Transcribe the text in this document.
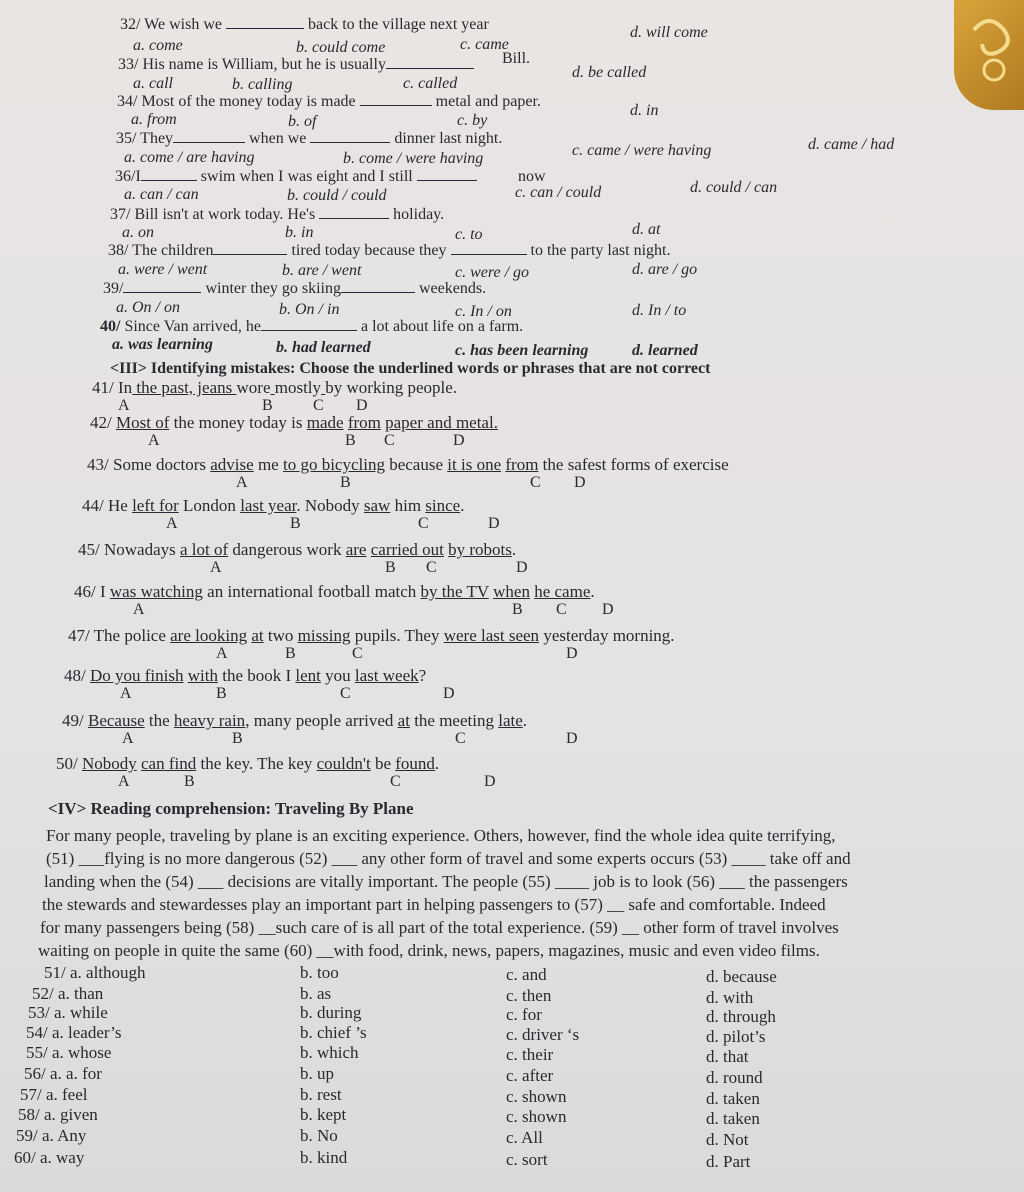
32/ We wish we	back to the village next year
a. come	b. could come	c. came
d. will come
33/ His name is William, but he is usually	Bill.
a. call	b. calling	c. called
d. be called
34/ Most of the money today is made	metal and paper.
a. from	b. of	c. by
d. in
35/ They	when we	dinner last night.
a. come / are having	b. come / were having	c. came / were having	d. came / had
36/I	swim when I was eight and I still	now
a. can / can	b. could / could	c. can / could	d. could / can
37/ Bill isn't at work today. He's	holiday.
a. on	b. in	c. to	d. at
38/ The children	tired today because they	to the party last night.
a. were / went	b. are / went	c. were / go	d. are / go
39/	winter they go skiing	weekends.
a. On / on	b. On / in	c. In / on	d. In / to
40/ Since Van arrived, he	a lot about life on a farm.
a. was learning	b. had learned	c. has been learning	d. learned
<III> Identifying mistakes: Choose the underlined words or phrases that are not correct
41/ In the past, jeans wore mostly by working people.
A	B	C D
42/ Most of the money today is made from paper and metal.
A	B C	D
43/ Some doctors advise me to go bicycling because it is one from the safest forms of exercise
A	B	C D
44/ He left for London last year. Nobody saw him since.
A	B	C	D
45/ Nowadays a lot of dangerous work are carried out by robots.
A	B C	D
46/ I was watching an international football match by the TV when he came.
A	B C D
47/ The police are looking at two missing pupils. They were last seen yesterday morning.
A	B	C	D
48/ Do you finish with the book I lent you last week?
A	B	C	D
49/ Because the heavy rain, many people arrived at the meeting late.
A	B	C	D
50/ Nobody can find the key. The key couldn't be found.
A	B	C	D
<IV> Reading comprehension: Traveling By Plane
For many people, traveling by plane is an exciting experience. Others, however, find the whole idea quite terrifying,
(51) ___flying is no more dangerous (52) ___ any other form of travel and some experts occurs (53) ____ take off and
landing when the (54) ___ decisions are vitally important. The people (55) ____ job is to look (56) ___ the passengers
the stewards and stewardesses play an important part in helping passengers to (57) __ safe and comfortable. Indeed
for many passengers being (58) __such care of is all part of the total experience. (59) __ other form of travel involves
waiting on people in quite the same (60) __with food, drink, news, papers, magazines, music and even video films.
51/ a. although	b. too	c. and	d. because
52/ a. than	b. as	c. then	d. with
53/ a. while	b. during	c. for	d. through
54/ a. leader’s	b. chief ’s	c. driver ‘s	d. pilot’s
55/ a. whose	b. which	c. their	d. that
56/ a. a. for	b. up	c. after	d. round
57/ a. feel	b. rest	c. shown	d. taken
58/ a. given	b. kept	c. shown	d. taken
59/ a. Any	b. No	c. All	d. Not
60/ a. way	b. kind	c. sort	d. Part
